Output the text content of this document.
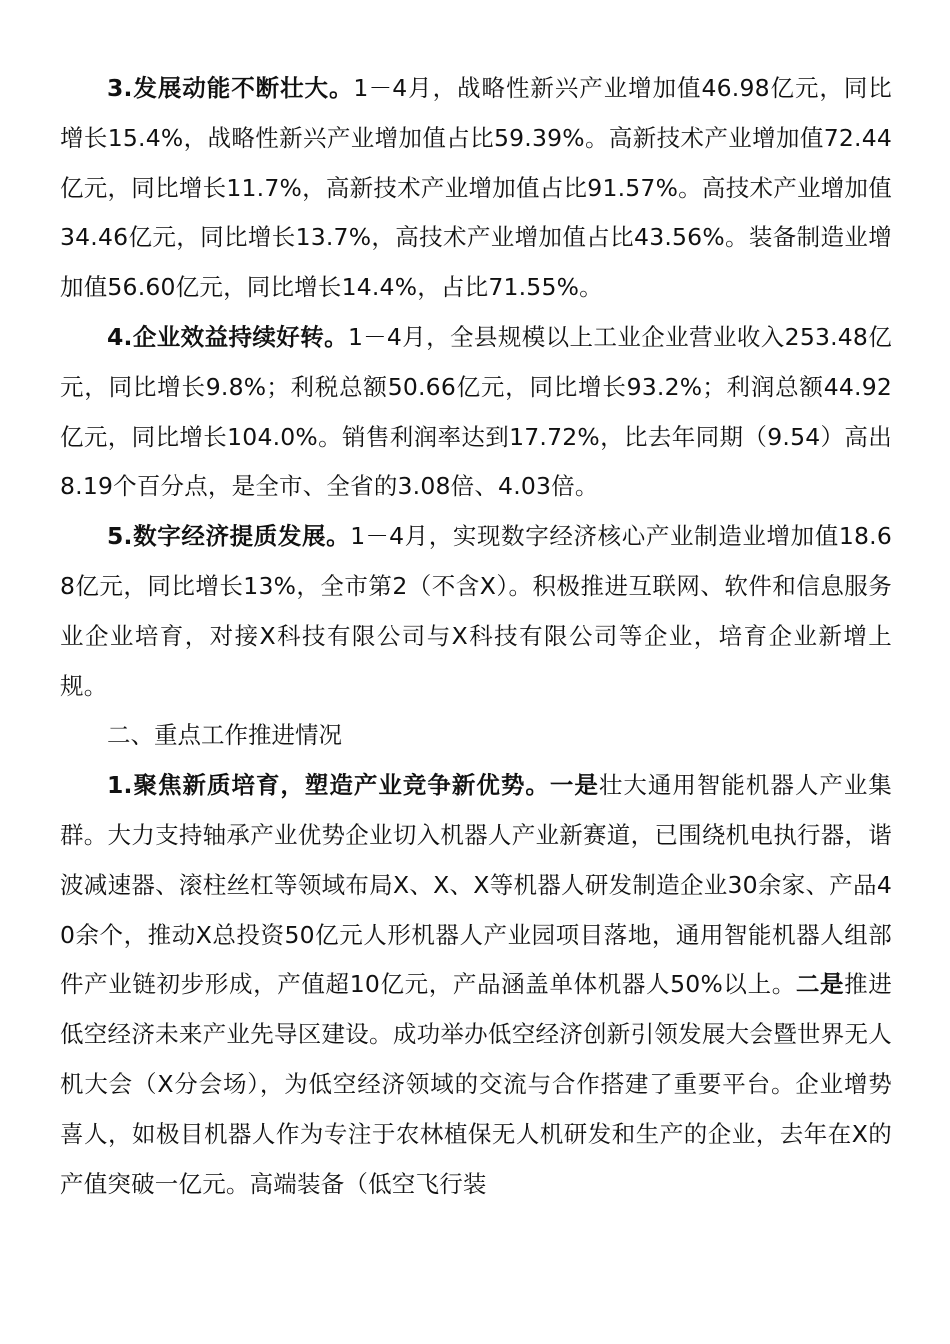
3.发展动能不断壮大。1－4月，战略性新兴产业增加值46.98亿元，同比增长15.4%，战略性新兴产业增加值占比59.39%。高新技术产业增加值72.44亿元，同比增长11.7%，高新技术产业增加值占比91.57%。高技术产业增加值34.46亿元，同比增长13.7%，高技术产业增加值占比43.56%。装备制造业增加值56.60亿元，同比增长14.4%，占比71.55%。

4.企业效益持续好转。1－4月，全县规模以上工业企业营业收入253.48亿元，同比增长9.8%；利税总额50.66亿元，同比增长93.2%；利润总额44.92亿元，同比增长104.0%。销售利润率达到17.72%，比去年同期（9.54）高出8.19个百分点，是全市、全省的3.08倍、4.03倍。

5.数字经济提质发展。1－4月，实现数字经济核心产业制造业增加值18.68亿元，同比增长13%，全市第2（不含X）。积极推进互联网、软件和信息服务业企业培育，对接X科技有限公司与X科技有限公司等企业，培育企业新增上规。

二、重点工作推进情况

1.聚焦新质培育，塑造产业竞争新优势。一是壮大通用智能机器人产业集群。大力支持轴承产业优势企业切入机器人产业新赛道，已围绕机电执行器，谐波减速器、滚柱丝杠等领域布局X、X、X等机器人研发制造企业30余家、产品40余个，推动X总投资50亿元人形机器人产业园项目落地，通用智能机器人组部件产业链初步形成，产值超10亿元，产品涵盖单体机器人50%以上。二是推进低空经济未来产业先导区建设。成功举办低空经济创新引领发展大会暨世界无人机大会（X分会场），为低空经济领域的交流与合作搭建了重要平台。企业增势喜人，如极目机器人作为专注于农林植保无人机研发和生产的企业，去年在X的产值突破一亿元。高端装备（低空飞行装
